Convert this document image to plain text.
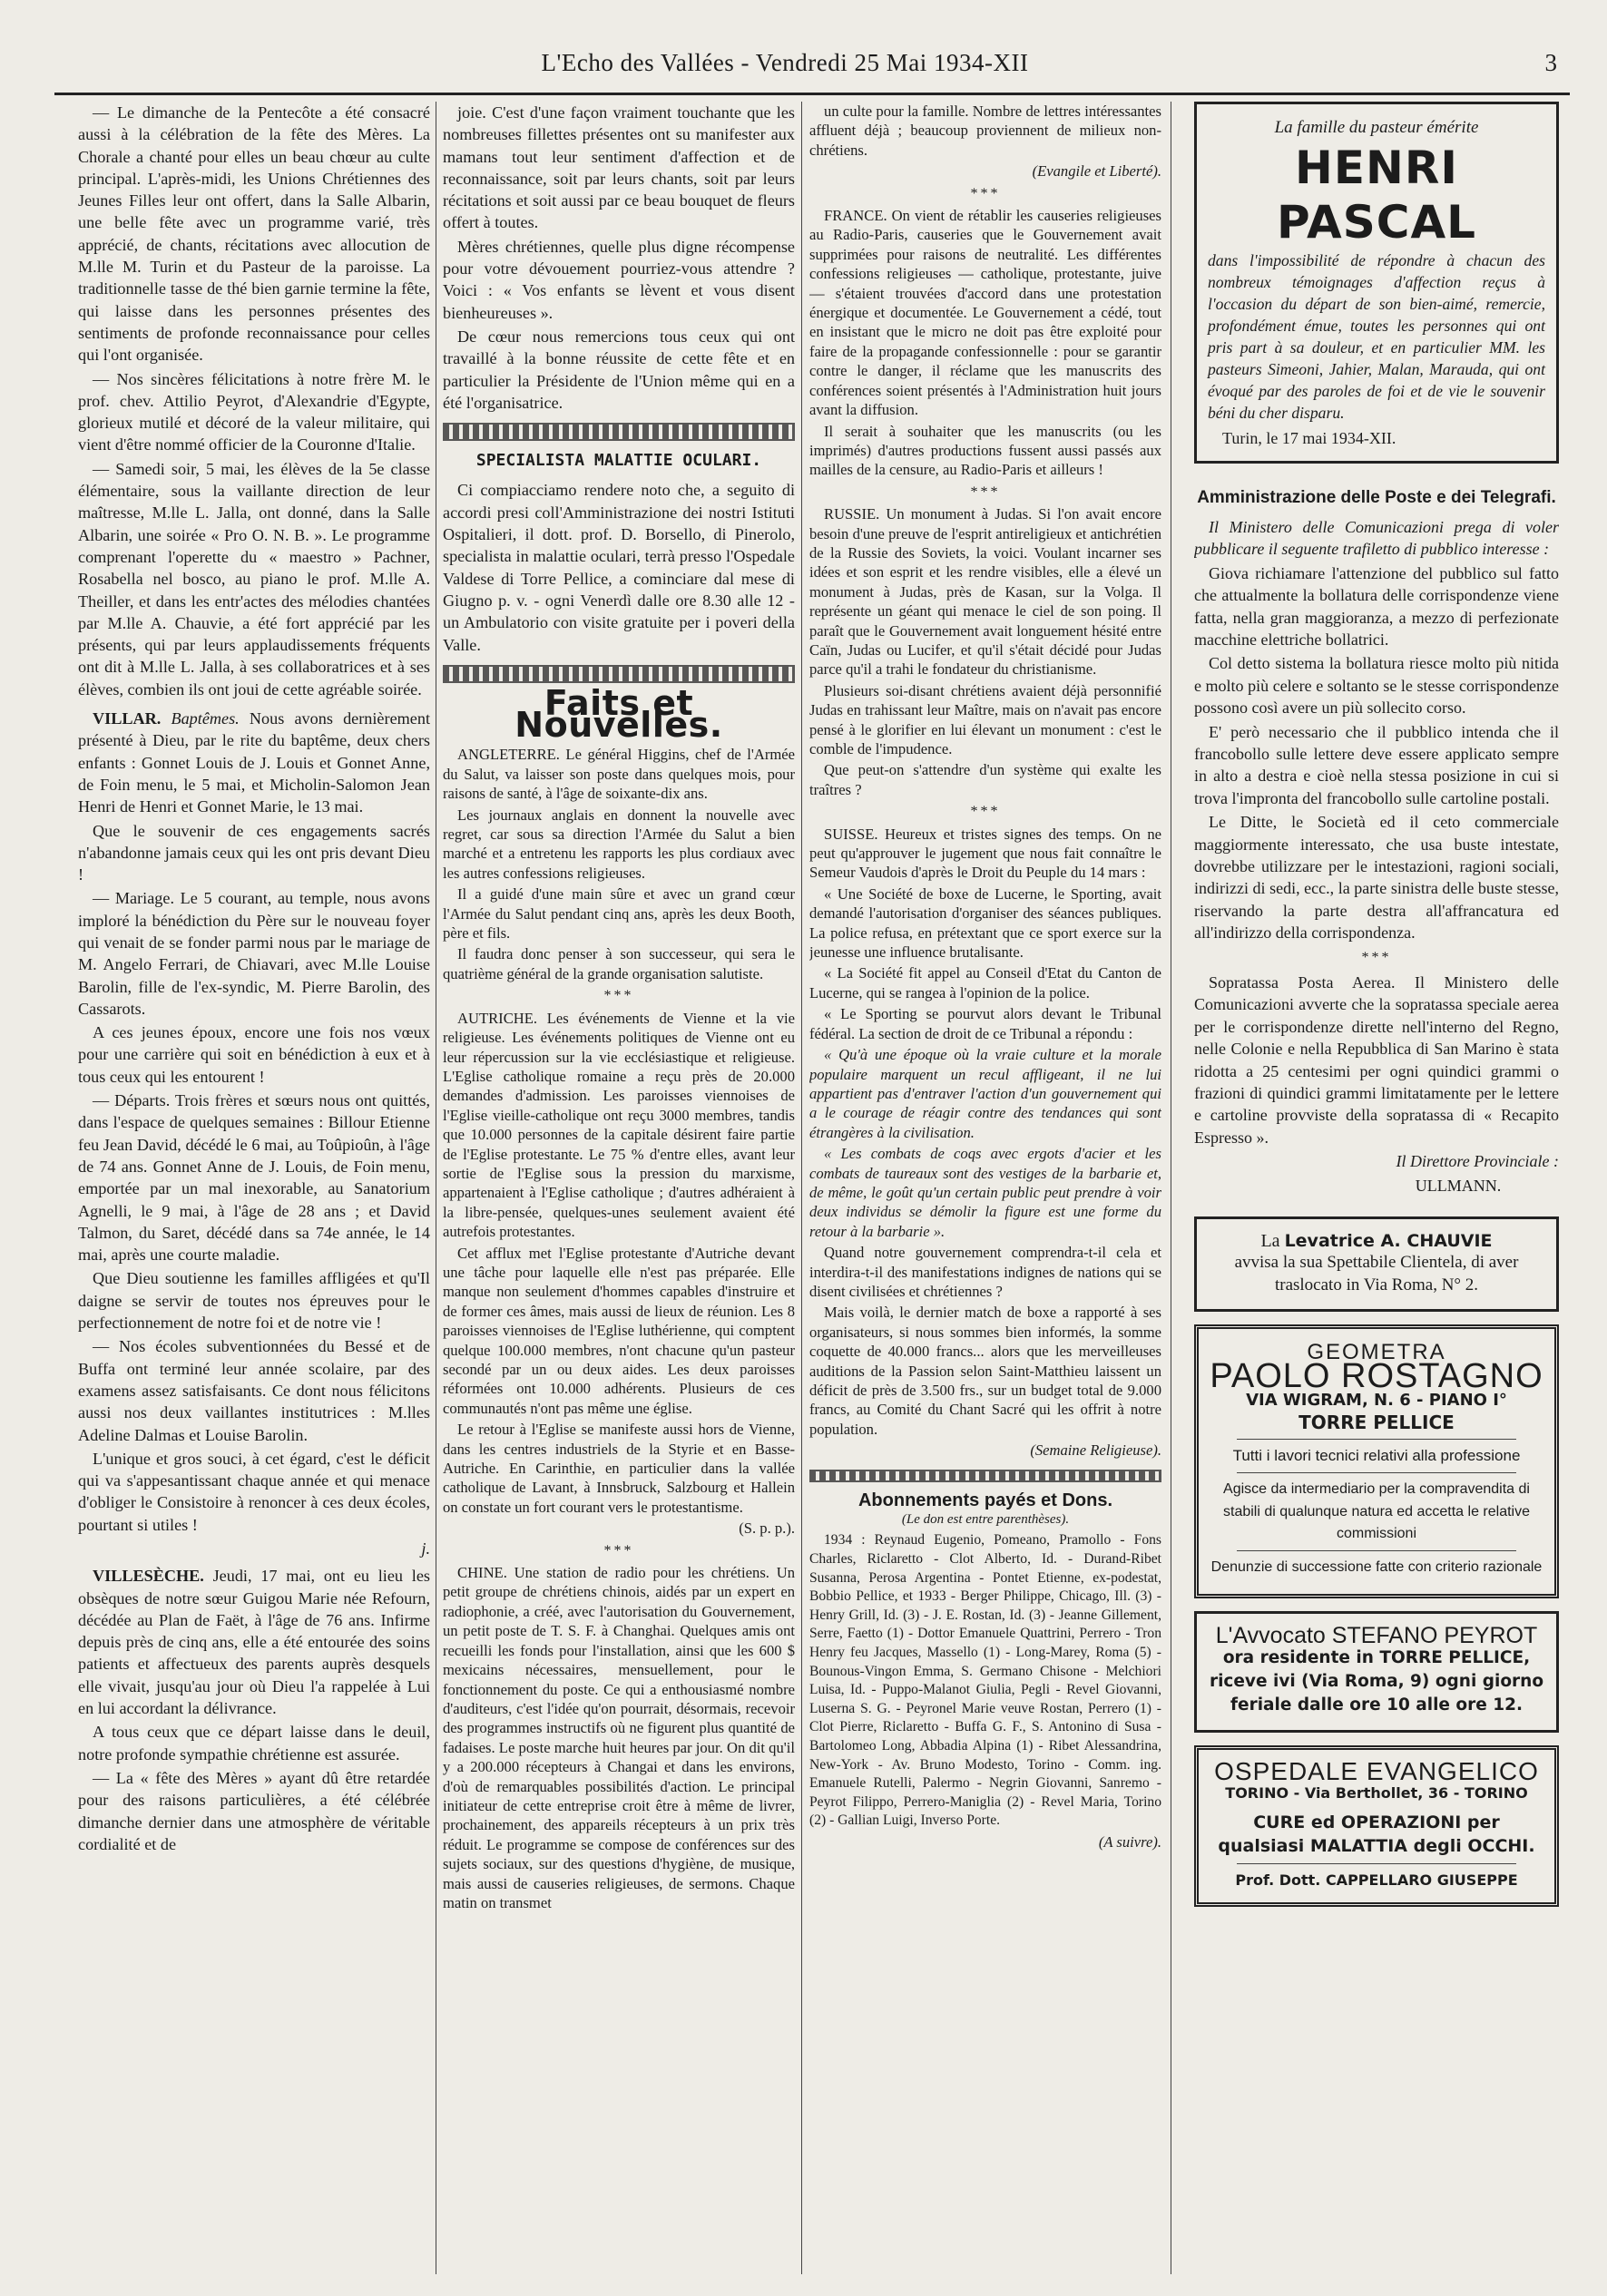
L'Echo des Vallées - Vendredi 25 Mai 1934-XII	3

— Le dimanche de la Pentecôte a été consacré aussi à la célébration de la fête des Mères. La Chorale a chanté pour elles un beau chœur au culte principal. L'après-midi, les Unions Chrétiennes des Jeunes Filles leur ont offert, dans la Salle Albarin, une belle fête avec un programme varié, très apprécié, de chants, récitations avec allocution de M.lle M. Turin et du Pasteur de la paroisse. La traditionnelle tasse de thé bien garnie termine la fête, qui laisse dans les personnes présentes des sentiments de profonde reconnaissance pour celles qui l'ont organisée.

— Nos sincères félicitations à notre frère M. le prof. chev. Attilio Peyrot, d'Alexandrie d'Egypte, glorieux mutilé et décoré de la valeur militaire, qui vient d'être nommé officier de la Couronne d'Italie.

— Samedi soir, 5 mai, les élèves de la 5e classe élémentaire, sous la vaillante direction de leur maîtresse, M.lle L. Jalla, ont donné, dans la Salle Albarin, une soirée « Pro O. N. B. ». Le programme comprenant l'operette du « maestro » Pachner, Rosabella nel bosco, au piano le prof. M.lle A. Theiller, et dans les entr'actes des mélodies chantées par M.lle A. Chauvie, a été fort apprécié par les présents, qui par leurs applaudissements fréquents ont dit à M.lle L. Jalla, à ses collaboratrices et à ses élèves, combien ils ont joui de cette agréable soirée.

VILLAR. Baptêmes. Nous avons dernièrement présenté à Dieu, par le rite du baptême, deux chers enfants : Gonnet Louis de J. Louis et Gonnet Anne, de Foin menu, le 5 mai, et Micholin-Salomon Jean Henri de Henri et Gonnet Marie, le 13 mai.

Que le souvenir de ces engagements sacrés n'abandonne jamais ceux qui les ont pris devant Dieu !

— Mariage. Le 5 courant, au temple, nous avons imploré la bénédiction du Père sur le nouveau foyer qui venait de se fonder parmi nous par le mariage de M. Angelo Ferrari, de Chiavari, avec M.lle Louise Barolin, fille de l'ex-syndic, M. Pierre Barolin, des Cassarots.

A ces jeunes époux, encore une fois nos vœux pour une carrière qui soit en bénédiction à eux et à tous ceux qui les entourent !

— Départs. Trois frères et sœurs nous ont quittés, dans l'espace de quelques semaines : Billour Etienne feu Jean David, décédé le 6 mai, au Toûpioûn, à l'âge de 74 ans. Gonnet Anne de J. Louis, de Foin menu, emportée par un mal inexorable, au Sanatorium Agnelli, le 9 mai, à l'âge de 28 ans ; et David Talmon, du Saret, décédé dans sa 74e année, le 14 mai, après une courte maladie.

Que Dieu soutienne les familles affligées et qu'Il daigne se servir de toutes nos épreuves pour le perfectionnement de notre foi et de notre vie !

— Nos écoles subventionnées du Bessé et de Buffa ont terminé leur année scolaire, par des examens assez satisfaisants. Ce dont nous félicitons aussi nos deux vaillantes institutrices : M.lles Adeline Dalmas et Louise Barolin.

L'unique et gros souci, à cet égard, c'est le déficit qui va s'appesantissant chaque année et qui menace d'obliger le Consistoire à renoncer à ces deux écoles, pourtant si utiles !

j.

VILLESÈCHE. Jeudi, 17 mai, ont eu lieu les obsèques de notre sœur Guigou Marie née Refourn, décédée au Plan de Faët, à l'âge de 76 ans. Infirme depuis près de cinq ans, elle a été entourée des soins patients et affectueux des parents auprès desquels elle vivait, jusqu'au jour où Dieu l'a rappelée à Lui en lui accordant la délivrance.

A tous ceux que ce départ laisse dans le deuil, notre profonde sympathie chrétienne est assurée.

— La « fête des Mères » ayant dû être retardée pour des raisons particulières, a été célébrée dimanche dernier dans une atmosphère de véritable cordialité et de

joie. C'est d'une façon vraiment touchante que les nombreuses fillettes présentes ont su manifester aux mamans tout leur sentiment d'affection et de reconnaissance, soit par leurs chants, soit par leurs récitations et soit aussi par ce beau bouquet de fleurs offert à toutes.

Mères chrétiennes, quelle plus digne récompense pour votre dévouement pourriez-vous attendre ? Voici : « Vos enfants se lèvent et vous disent bienheureuses ».

De cœur nous remercions tous ceux qui ont travaillé à la bonne réussite de cette fête et en particulier la Présidente de l'Union même qui en a été l'organisatrice.

SPECIALISTA MALATTIE OCULARI.

Ci compiacciamo rendere noto che, a seguito di accordi presi coll'Amministrazione dei nostri Istituti Ospitalieri, il dott. prof. D. Borsello, di Pinerolo, specialista in malattie oculari, terrà presso l'Ospedale Valdese di Torre Pellice, a cominciare dal mese di Giugno p. v. - ogni Venerdì dalle ore 8.30 alle 12 - un Ambulatorio con visite gratuite per i poveri della Valle.

Faits et Nouvelles.

ANGLETERRE. Le général Higgins, chef de l'Armée du Salut, va laisser son poste dans quelques mois, pour raisons de santé, à l'âge de soixante-dix ans.

Les journaux anglais en donnent la nouvelle avec regret, car sous sa direction l'Armée du Salut a bien marché et a entretenu les rapports les plus cordiaux avec les autres confessions religieuses.

Il a guidé d'une main sûre et avec un grand cœur l'Armée du Salut pendant cinq ans, après les deux Booth, père et fils.

Il faudra donc penser à son successeur, qui sera le quatrième général de la grande organisation salutiste.

***

AUTRICHE. Les événements de Vienne et la vie religieuse. Les événements politiques de Vienne ont eu leur répercussion sur la vie ecclésiastique et religieuse. L'Eglise catholique romaine a reçu près de 20.000 demandes d'admission. Les paroisses viennoises de l'Eglise vieille-catholique ont reçu 3000 membres, tandis que 10.000 personnes de la capitale désirent faire partie de l'Eglise protestante. Le 75 % d'entre elles, avant leur sortie de l'Eglise sous la pression du marxisme, appartenaient à l'Eglise catholique ; d'autres adhéraient à la libre-pensée, quelques-unes seulement avaient été autrefois protestantes.

Cet afflux met l'Eglise protestante d'Autriche devant une tâche pour laquelle elle n'est pas préparée. Elle manque non seulement d'hommes capables d'instruire et de former ces âmes, mais aussi de lieux de réunion. Les 8 paroisses viennoises de l'Eglise luthérienne, qui comptent quelque 100.000 membres, n'ont chacune qu'un pasteur secondé par un ou deux aides. Les deux paroisses réformées ont 10.000 adhérents. Plusieurs de ces communautés n'ont pas même une église.

Le retour à l'Eglise se manifeste aussi hors de Vienne, dans les centres industriels de la Styrie et en Basse-Autriche. En Carinthie, en particulier dans la vallée catholique de Lavant, à Innsbruck, Salzbourg et Hallein on constate un fort courant vers le protestantisme.

(S. p. p.).

***

CHINE. Une station de radio pour les chrétiens. Un petit groupe de chrétiens chinois, aidés par un expert en radiophonie, a créé, avec l'autorisation du Gouvernement, un petit poste de T. S. F. à Changhai. Quelques amis ont recueilli les fonds pour l'installation, ainsi que les 600 $ mexicains nécessaires, mensuellement, pour le fonctionnement du poste. Ce qui a enthousiasmé nombre d'auditeurs, c'est l'idée qu'on pourrait, désormais, recevoir des programmes instructifs où ne figurent plus quantité de fadaises. Le poste marche huit heures par jour. On dit qu'il y a 200.000 récepteurs à Changai et dans les environs, d'où de remarquables possibilités d'action. Le principal initiateur de cette entreprise croit être à même de livrer, prochainement, des appareils récepteurs à un prix très réduit. Le programme se compose de conférences sur des sujets sociaux, sur des questions d'hygiène, de musique, mais aussi de causeries religieuses, de sermons. Chaque matin on transmet

un culte pour la famille. Nombre de lettres intéressantes affluent déjà ; beaucoup proviennent de milieux non-chrétiens.

(Evangile et Liberté).

***

FRANCE. On vient de rétablir les causeries religieuses au Radio-Paris, causeries que le Gouvernement avait supprimées pour raisons de neutralité. Les différentes confessions religieuses — catholique, protestante, juive — s'étaient trouvées d'accord dans une protestation énergique et documentée. Le Gouvernement a cédé, tout en insistant que le micro ne doit pas être exploité pour faire de la propagande confessionnelle : pour se garantir contre le danger, il réclame que les manuscrits des conférences soient présentés à l'Administration huit jours avant la diffusion.

Il serait à souhaiter que les manuscrits (ou les imprimés) d'autres productions fussent aussi passés aux mailles de la censure, au Radio-Paris et ailleurs !

***

RUSSIE. Un monument à Judas. Si l'on avait encore besoin d'une preuve de l'esprit antireligieux et antichrétien de la Russie des Soviets, la voici. Voulant incarner ses idées et son esprit et les rendre visibles, elle a élevé un monument à Judas, près de Kasan, sur la Volga. Il représente un géant qui menace le ciel de son poing. Il paraît que le Gouvernement avait longuement hésité entre Caïn, Judas ou Lucifer, et qu'il s'était décidé pour Judas parce qu'il a trahi le fondateur du christianisme.

Plusieurs soi-disant chrétiens avaient déjà personnifié Judas en trahissant leur Maître, mais on n'avait pas encore pensé à le glorifier en lui élevant un monument : c'est le comble de l'impudence.

Que peut-on s'attendre d'un système qui exalte les traîtres ?

***

SUISSE. Heureux et tristes signes des temps. On ne peut qu'approuver le jugement que nous fait connaître le Semeur Vaudois d'après le Droit du Peuple du 14 mars :

« Une Société de boxe de Lucerne, le Sporting, avait demandé l'autorisation d'organiser des séances publiques. La police refusa, en prétextant que ce sport exerce sur la jeunesse une influence brutalisante.

« La Société fit appel au Conseil d'Etat du Canton de Lucerne, qui se rangea à l'opinion de la police.

« Le Sporting se pourvut alors devant le Tribunal fédéral. La section de droit de ce Tribunal a répondu :

« Qu'à une époque où la vraie culture et la morale populaire marquent un recul affligeant, il ne lui appartient pas d'entraver l'action d'un gouvernement qui a le courage de réagir contre des tendances qui sont étrangères à la civilisation.

« Les combats de coqs avec ergots d'acier et les combats de taureaux sont des vestiges de la barbarie et, de même, le goût qu'un certain public peut prendre à voir deux individus se démolir la figure est une forme du retour à la barbarie ».

Quand notre gouvernement comprendra-t-il cela et interdira-t-il des manifestations indignes de nations qui se disent civilisées et chrétiennes ?

Mais voilà, le dernier match de boxe a rapporté à ses organisateurs, si nous sommes bien informés, la somme coquette de 40.000 francs... alors que les merveilleuses auditions de la Passion selon Saint-Matthieu laissent un déficit de près de 3.500 frs., sur un budget total de 9.000 francs, au Comité du Chant Sacré qui les offrit à notre population.

(Semaine Religieuse).

Abonnements payés et Dons.

(Le don est entre parenthèses).

1934 : Reynaud Eugenio, Pomeano, Pramollo - Fons Charles, Riclaretto - Clot Alberto, Id. - Durand-Ribet Susanna, Perosa Argentina - Pontet Etienne, ex-podestat, Bobbio Pellice, et 1933 - Berger Philippe, Chicago, Ill. (3) - Henry Grill, Id. (3) - J. E. Rostan, Id. (3) - Jeanne Gillement, Serre, Faetto (1) - Dottor Emanuele Quattrini, Perrero - Tron Henry feu Jacques, Massello (1) - Long-Marey, Roma (5) - Bounous-Vingon Emma, S. Germano Chisone - Melchiori Luisa, Id. - Puppo-Malanot Giulia, Pegli - Revel Giovanni, Luserna S. G. - Peyronel Marie veuve Rostan, Perrero (1) - Clot Pierre, Riclaretto - Buffa G. F., S. Antonino di Susa - Bartolomeo Long, Abbadia Alpina (1) - Ribet Alessandrina, New-York - Av. Bruno Modesto, Torino - Comm. ing. Emanuele Rutelli, Palermo - Negrin Giovanni, Sanremo - Peyrot Filippo, Perrero-Maniglia (2) - Revel Maria, Torino (2) - Gallian Luigi, Inverso Porte.

(A suivre).

La famille du pasteur émérite

HENRI PASCAL

dans l'impossibilité de répondre à chacun des nombreux témoignages d'affection reçus à l'occasion du départ de son bien-aimé, remercie, profondément émue, toutes les personnes qui ont pris part à sa douleur, et en particulier MM. les pasteurs Simeoni, Jahier, Malan, Marauda, qui ont évoqué par des paroles de foi et de vie le souvenir béni du cher disparu.

Turin, le 17 mai 1934-XII.

Amministrazione delle Poste e dei Telegrafi.

Il Ministero delle Comunicazioni prega di voler pubblicare il seguente trafiletto di pubblico interesse :

Giova richiamare l'attenzione del pubblico sul fatto che attualmente la bollatura delle corrispondenze viene fatta, nella gran maggioranza, a mezzo di perfezionate macchine elettriche bollatrici.

Col detto sistema la bollatura riesce molto più nitida e molto più celere e soltanto se le stesse corrispondenze possono così avere un più sollecito corso.

E' però necessario che il pubblico intenda che il francobollo sulle lettere deve essere applicato sempre in alto a destra e cioè nella stessa posizione in cui si trova l'impronta del francobollo sulle cartoline postali.

Le Ditte, le Società ed il ceto commerciale maggiormente interessato, che usa buste intestate, dovrebbe utilizzare per le intestazioni, ragioni sociali, indirizzi di sedi, ecc., la parte sinistra delle buste stesse, riservando la parte destra all'affrancatura ed all'indirizzo della corrispondenza.

***

Sopratassa Posta Aerea. Il Ministero delle Comunicazioni avverte che la sopratassa speciale aerea per le corrispondenze dirette nell'interno del Regno, nelle Colonie e nella Repubblica di San Marino è stata ridotta a 25 centesimi per ogni quindici grammi o frazioni di quindici grammi limitatamente per le lettere e cartoline provviste della sopratassa di « Recapito Espresso ».

Il Direttore Provinciale :

ULLMANN.

La Levatrice A. CHAUVIE

avvisa la sua Spettabile Clientela, di aver traslocato in Via Roma, N° 2.

GEOMETRA
PAOLO ROSTAGNO
VIA WIGRAM, N. 6 - PIANO I°
TORRE PELLICE

Tutti i lavori tecnici relativi alla professione

Agisce da intermediario per la compravendita di stabili di qualunque natura ed accetta le relative commissioni

Denunzie di successione fatte con criterio razionale

L'Avvocato STEFANO PEYROT

ora residente in TORRE PELLICE, riceve ivi (Via Roma, 9) ogni giorno feriale dalle ore 10 alle ore 12.

OSPEDALE EVANGELICO
TORINO - Via Berthollet, 36 - TORINO

CURE ed OPERAZIONI per qualsiasi MALATTIA degli OCCHI.

Prof. Dott. CAPPELLARO GIUSEPPE
